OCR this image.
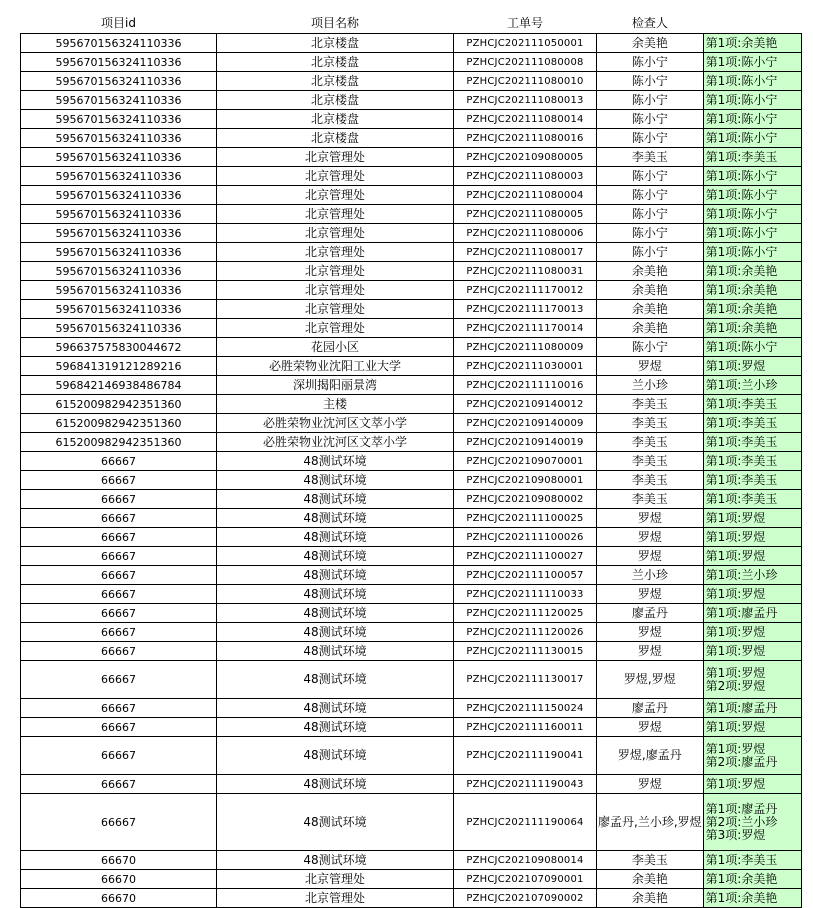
项目id	项目名称	工单号	检查人	
595670156324110336	北京楼盘	PZHCJC202111050001	余美艳	第1项:余美艳

595670156324110336	北京楼盘	PZHCJC202111080008	陈小宁	第1项:陈小宁

595670156324110336	北京楼盘	PZHCJC202111080010	陈小宁	第1项:陈小宁

595670156324110336	北京楼盘	PZHCJC202111080013	陈小宁	第1项:陈小宁

595670156324110336	北京楼盘	PZHCJC202111080014	陈小宁	第1项:陈小宁

595670156324110336	北京楼盘	PZHCJC202111080016	陈小宁	第1项:陈小宁

595670156324110336	北京管理处	PZHCJC202109080005	李美玉	第1项:李美玉

595670156324110336	北京管理处	PZHCJC202111080003	陈小宁	第1项:陈小宁

595670156324110336	北京管理处	PZHCJC202111080004	陈小宁	第1项:陈小宁

595670156324110336	北京管理处	PZHCJC202111080005	陈小宁	第1项:陈小宁

595670156324110336	北京管理处	PZHCJC202111080006	陈小宁	第1项:陈小宁

595670156324110336	北京管理处	PZHCJC202111080017	陈小宁	第1项:陈小宁

595670156324110336	北京管理处	PZHCJC202111080031	余美艳	第1项:余美艳

595670156324110336	北京管理处	PZHCJC202111170012	余美艳	第1项:余美艳

595670156324110336	北京管理处	PZHCJC202111170013	余美艳	第1项:余美艳

595670156324110336	北京管理处	PZHCJC202111170014	余美艳	第1项:余美艳

596637575830044672	花园小区	PZHCJC202111080009	陈小宁	第1项:陈小宁

596841319121289216	必胜荣物业沈阳工业大学	PZHCJC202111030001	罗煜	第1项:罗煜

596842146938486784	深圳揭阳丽景湾	PZHCJC202111110016	兰小珍	第1项:兰小珍

615200982942351360	主楼	PZHCJC202109140012	李美玉	第1项:李美玉

615200982942351360	必胜荣物业沈河区文萃小学	PZHCJC202109140009	李美玉	第1项:李美玉

615200982942351360	必胜荣物业沈河区文萃小学	PZHCJC202109140019	李美玉	第1项:李美玉

66667	48测试环境	PZHCJC202109070001	李美玉	第1项:李美玉

66667	48测试环境	PZHCJC202109080001	李美玉	第1项:李美玉

66667	48测试环境	PZHCJC202109080002	李美玉	第1项:李美玉

66667	48测试环境	PZHCJC202111100025	罗煜	第1项:罗煜

66667	48测试环境	PZHCJC202111100026	罗煜	第1项:罗煜

66667	48测试环境	PZHCJC202111100027	罗煜	第1项:罗煜

66667	48测试环境	PZHCJC202111100057	兰小珍	第1项:兰小珍

66667	48测试环境	PZHCJC202111110033	罗煜	第1项:罗煜

66667	48测试环境	PZHCJC202111120025	廖孟丹	第1项:廖孟丹

66667	48测试环境	PZHCJC202111120026	罗煜	第1项:罗煜

66667	48测试环境	PZHCJC202111130015	罗煜	第1项:罗煜

66667	48测试环境	PZHCJC202111130017	罗煜,罗煜	第1项:罗煜
第2项:罗煜

66667	48测试环境	PZHCJC202111150024	廖孟丹	第1项:廖孟丹

66667	48测试环境	PZHCJC202111160011	罗煜	第1项:罗煜

66667	48测试环境	PZHCJC202111190041	罗煜,廖孟丹	第1项:罗煜
第2项:廖孟丹

66667	48测试环境	PZHCJC202111190043	罗煜	第1项:罗煜

66667	48测试环境	PZHCJC202111190064	廖孟丹,兰小珍,罗煜	第1项:廖孟丹
第2项:兰小珍
第3项:罗煜

66670	48测试环境	PZHCJC202109080014	李美玉	第1项:李美玉

66670	北京管理处	PZHCJC202107090001	余美艳	第1项:余美艳

66670	北京管理处	PZHCJC202107090002	余美艳	第1项:余美艳
